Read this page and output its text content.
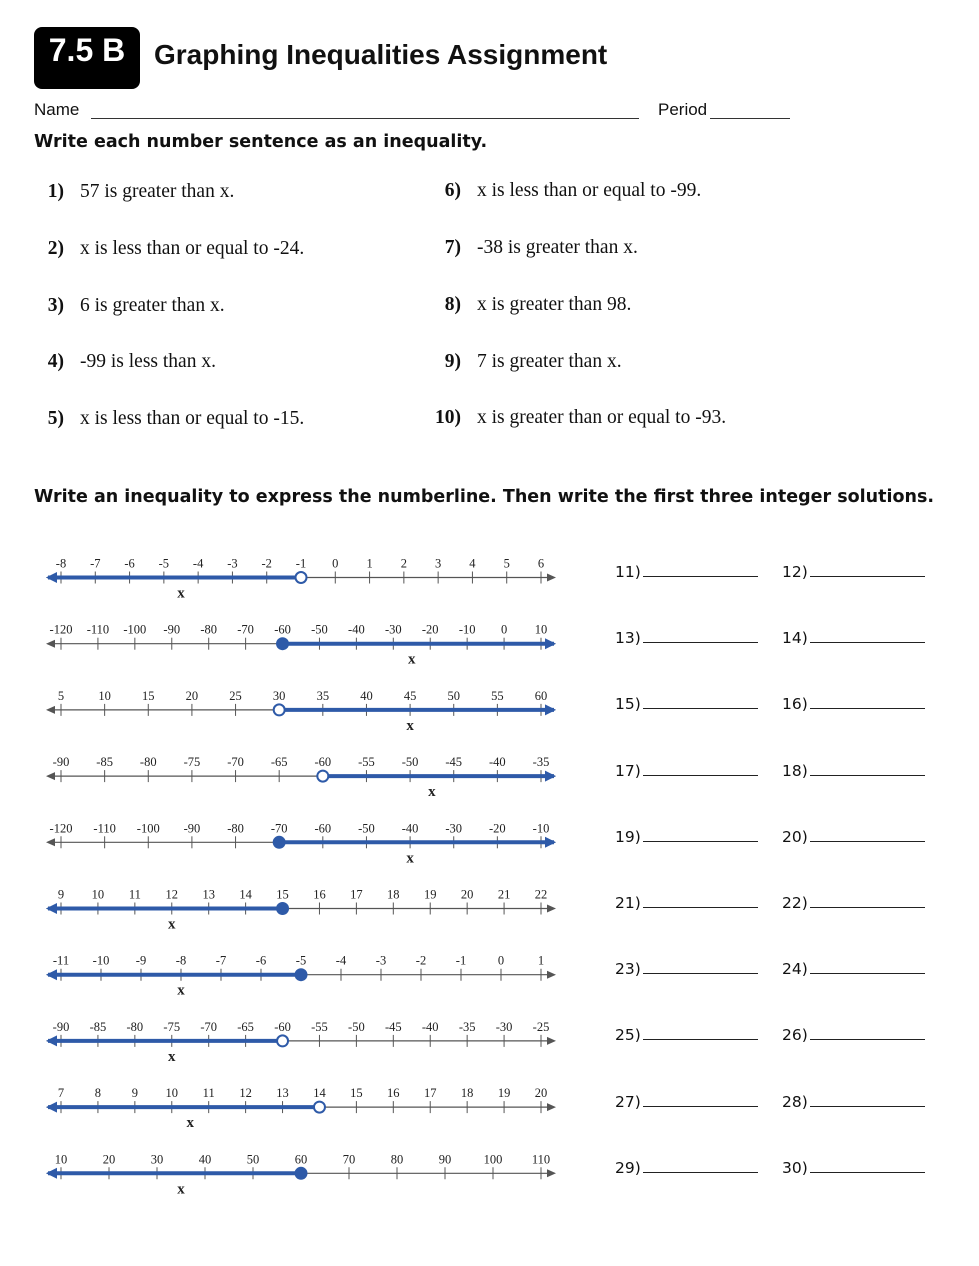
7.5 B	Graphing Inequalities Assignment
Name	Period
Write each number sentence as an inequality.
1) 57 is greater than x.
2) x is less than or equal to -24.
3) 6 is greater than x.
4) -99 is less than x.
5) x is less than or equal to -15.
6) x is less than or equal to -99.
7) -38 is greater than x.
8) x is greater than 98.
9) 7 is greater than x.
10) x is greater than or equal to -93.
Write an inequality to express the numberline. Then write the first three integer solutions.
-8 -7 -6 -5 -4 -3 -2 -1 0 1 2 3 4 5 6
x
-120 -110 -100 -90 -80 -70 -60 -50 -40 -30 -20 -10 0 10
x
5	10 15 20 25 30 35 40 45 50 55 60
x
-90 -85 -80 -75 -70 -65 -60 -55 -50 -45 -40 -35
x
-120 -110 -100 -90 -80 -70 -60 -50 -40 -30 -20 -10
x
9 10 11 12 13 14 15 16 17 18 19 20 21 22
x
-11 -10 -9 -8 -7 -6 -5 -4 -3 -2 -1	0	1
x
-90 -85 -80 -75 -70 -65 -60 -55 -50 -45 -40 -35 -30 -25
x
7 8 9 10 11 12 13 14 15 16 17 18 19 20
x
10	20	30	40	50	60	70	80	90	100 110
x
11)	12)
13)	14)
15)	16)
17)	18)
19)	20)
21)	22)
23)	24)
25)	26)
27)	28)
29)	30)
